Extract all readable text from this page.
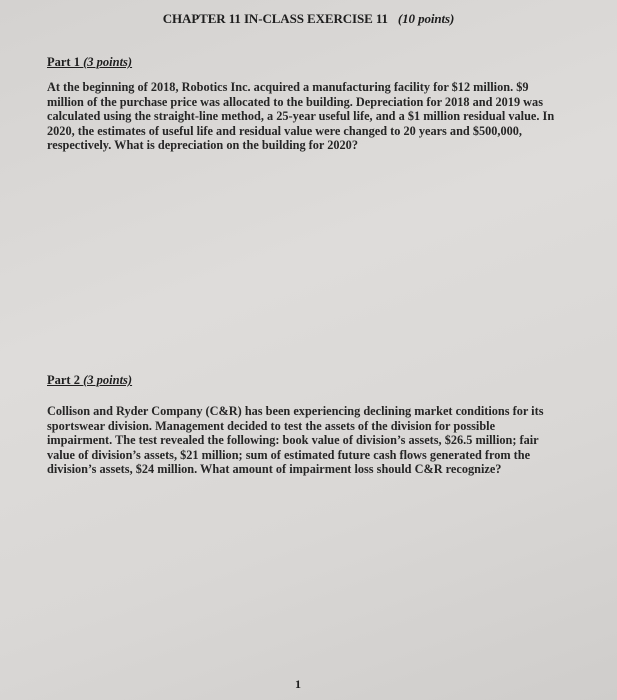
CHAPTER 11 IN-CLASS EXERCISE 11 (10 points)
Part 1 (3 points)
At the beginning of 2018, Robotics Inc. acquired a manufacturing facility for $12 million. $9
million of the purchase price was allocated to the building. Depreciation for 2018 and 2019 was
calculated using the straight-line method, a 25-year useful life, and a $1 million residual value. In
2020, the estimates of useful life and residual value were changed to 20 years and $500,000,
respectively. What is depreciation on the building for 2020?
Part 2 (3 points)
Collison and Ryder Company (C&R) has been experiencing declining market conditions for its
sportswear division. Management decided to test the assets of the division for possible
impairment. The test revealed the following: book value of division’s assets, $26.5 million; fair
value of division’s assets, $21 million; sum of estimated future cash flows generated from the
division’s assets, $24 million. What amount of impairment loss should C&R recognize?
1
